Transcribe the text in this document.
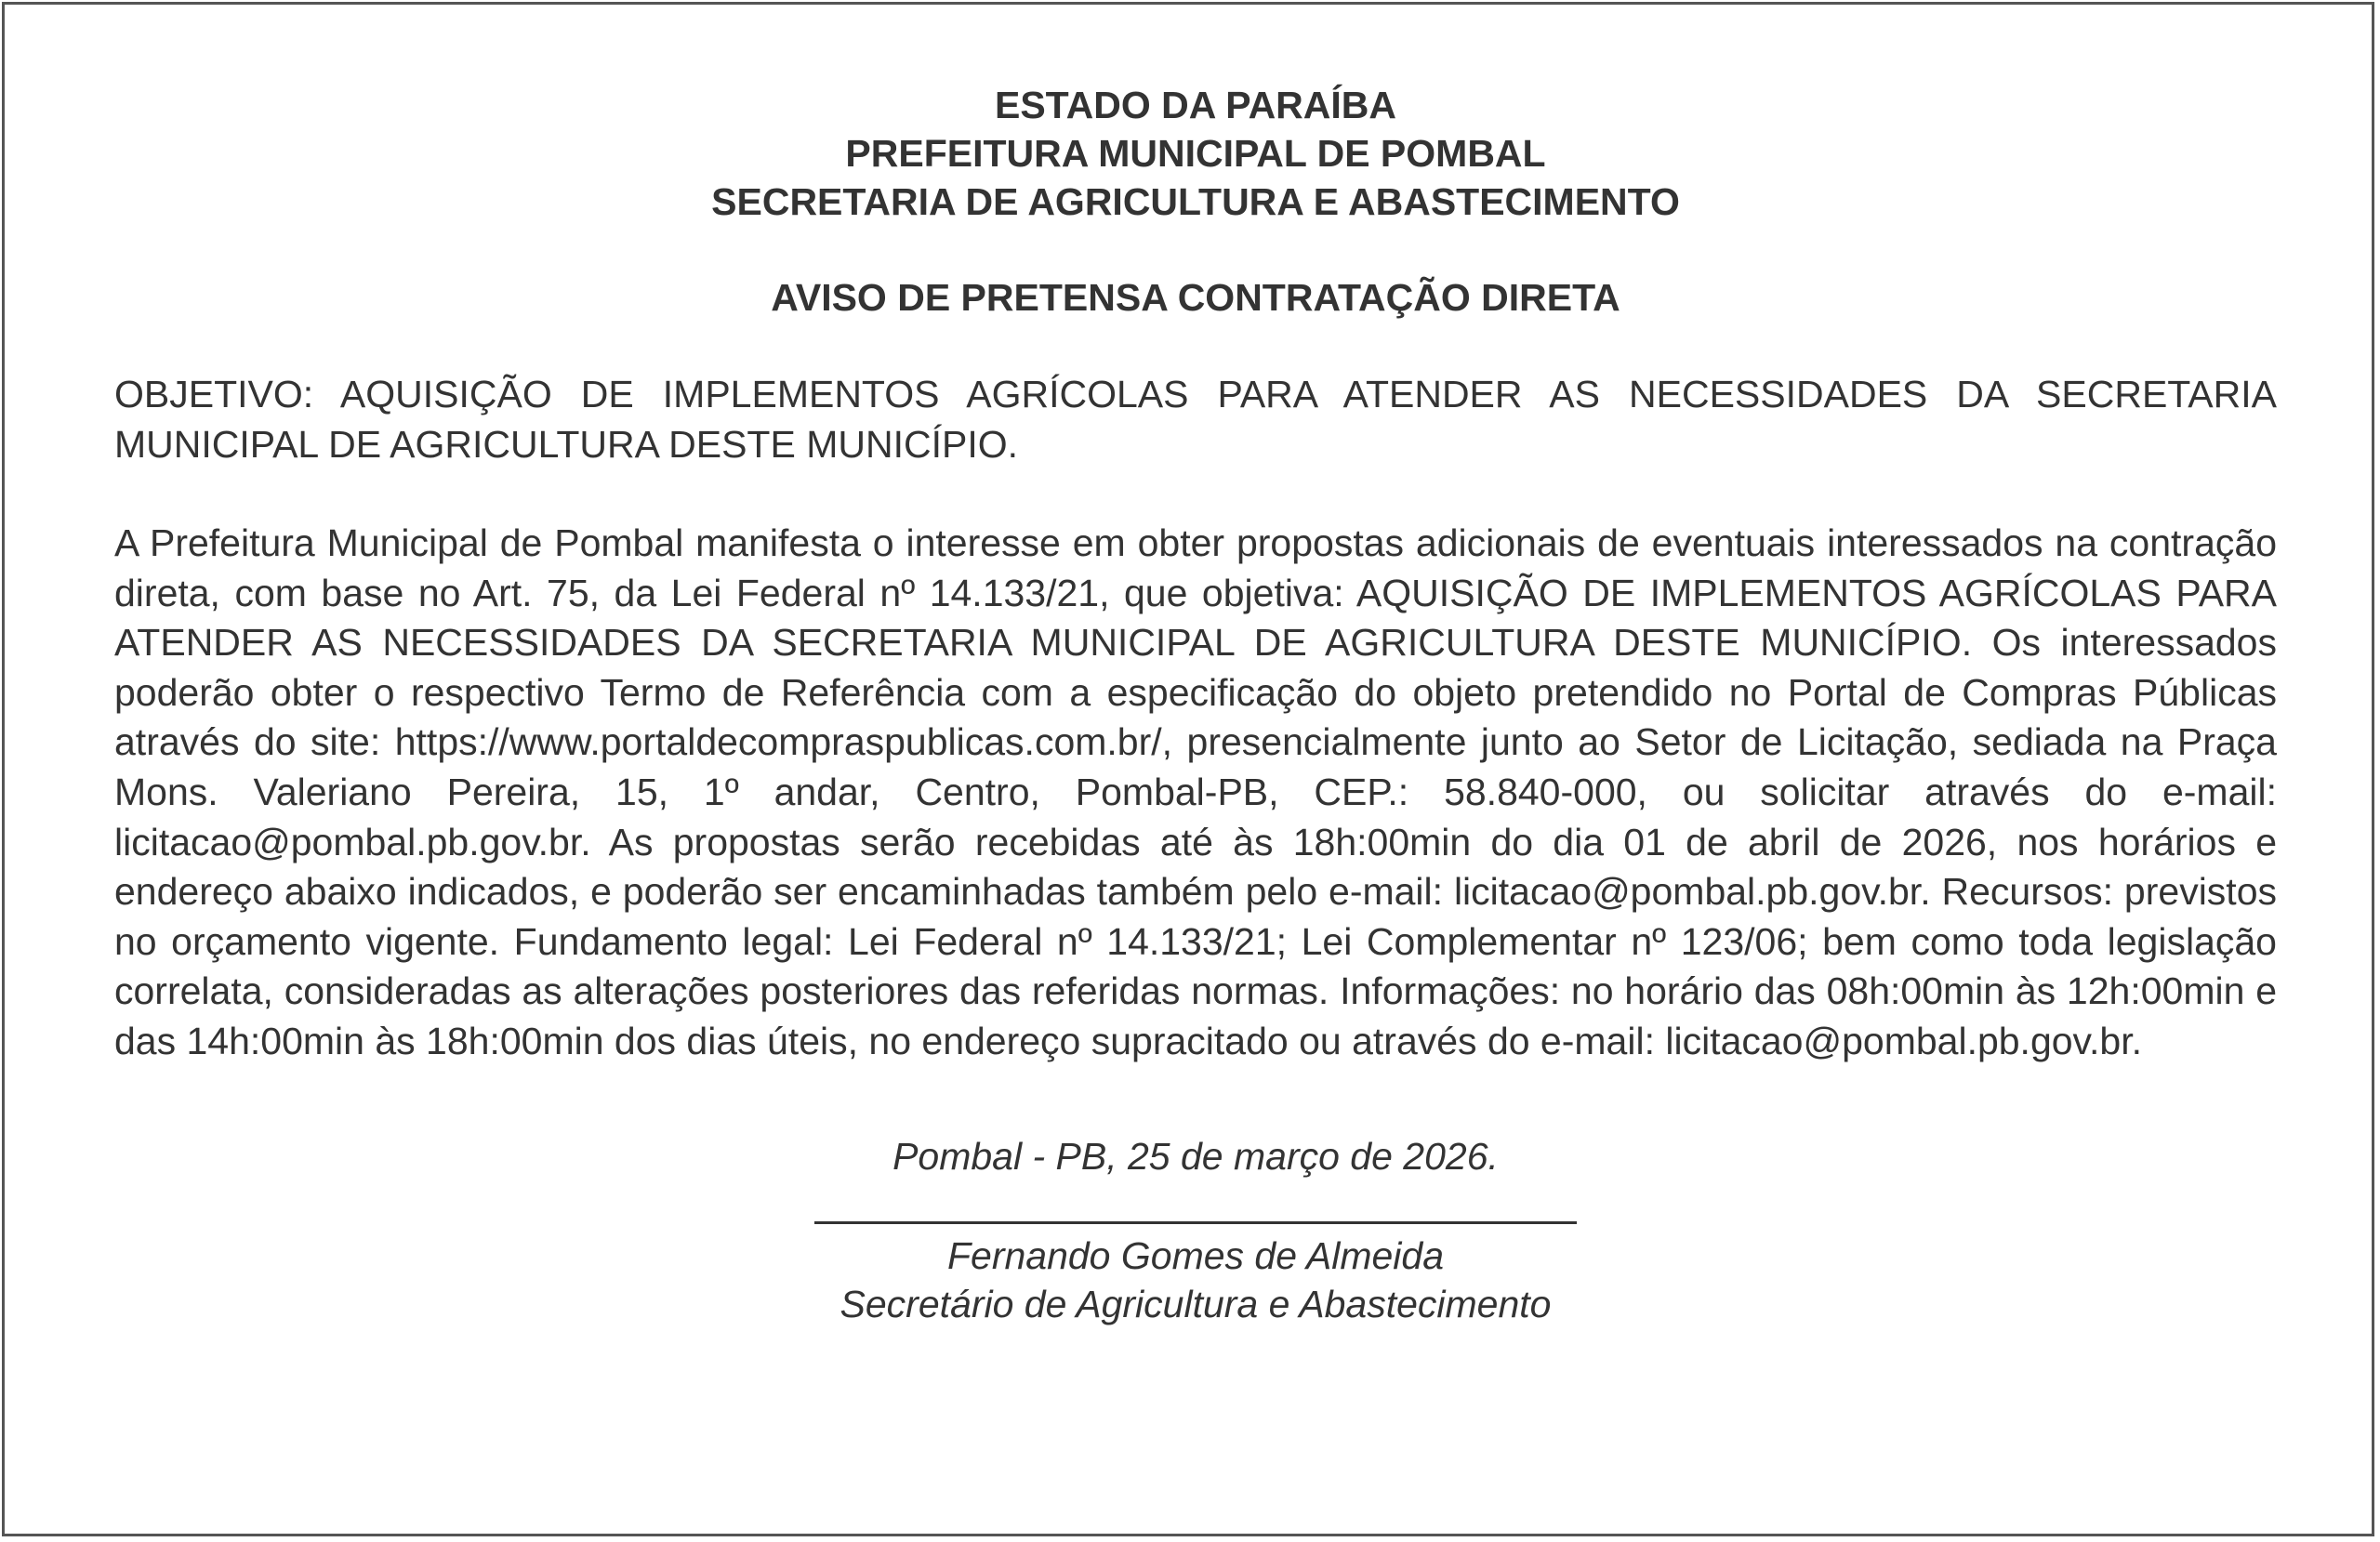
ESTADO DA PARAÍBA
PREFEITURA MUNICIPAL DE POMBAL
SECRETARIA DE AGRICULTURA E ABASTECIMENTO
AVISO DE PRETENSA CONTRATAÇÃO DIRETA
OBJETIVO: AQUISIÇÃO DE IMPLEMENTOS AGRÍCOLAS PARA ATENDER AS NECESSIDADES DA SECRETARIA MUNICIPAL DE AGRICULTURA DESTE MUNICÍPIO.
A Prefeitura Municipal de Pombal manifesta o interesse em obter propostas adicionais de eventuais interessados na contração direta, com base no Art. 75, da Lei Federal nº 14.133/21, que objetiva: AQUISIÇÃO DE IMPLEMENTOS AGRÍCOLAS PARA ATENDER AS NECESSIDADES DA SECRETARIA MUNICIPAL DE AGRICULTURA DESTE MUNICÍPIO. Os interessados poderão obter o respectivo Termo de Referência com a especificação do objeto pretendido no Portal de Compras Públicas através do site: https://www.portaldecompraspublicas.com.br/, presencialmente junto ao Setor de Licitação, sediada na Praça Mons. Valeriano Pereira, 15, 1º andar, Centro, Pombal-PB, CEP.: 58.840-000, ou solicitar através do e-mail: licitacao@pombal.pb.gov.br. As propostas serão recebidas até às 18h:00min do dia 01 de abril de 2026, nos horários e endereço abaixo indicados, e poderão ser encaminhadas também pelo e-mail: licitacao@pombal.pb.gov.br. Recursos: previstos no orçamento vigente. Fundamento legal: Lei Federal nº 14.133/21; Lei Complementar nº 123/06; bem como toda legislação correlata, consideradas as alterações posteriores das referidas normas. Informações: no horário das 08h:00min às 12h:00min e das 14h:00min às 18h:00min dos dias úteis, no endereço supracitado ou através do e-mail: licitacao@pombal.pb.gov.br.
Pombal - PB, 25 de março de 2026.
Fernando Gomes de Almeida
Secretário de Agricultura e Abastecimento
